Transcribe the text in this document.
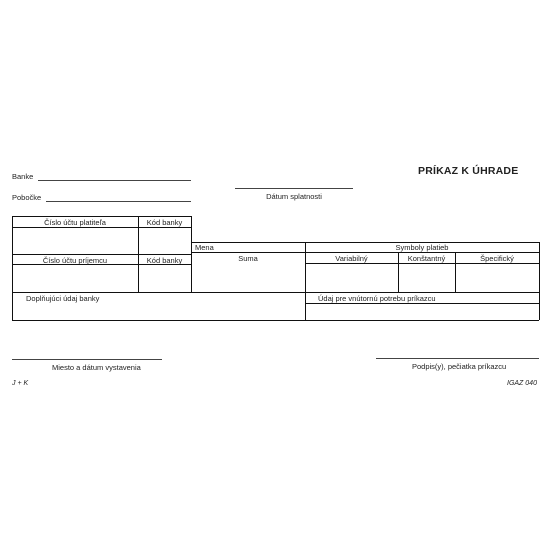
Banke
Pobočke
PRÍKAZ K ÚHRADE
Dátum splatnosti
Číslo účtu platiteľa	Kód banky
Číslo účtu príjemcu	Kód banky
Mena
Suma
Symboly platieb
Variabilný	Konštantný	Špecifický
Doplňujúci údaj banky	Údaj pre vnútornú potrebu príkazcu
Miesto a dátum vystavenia	Podpis(y), pečiatka príkazcu
J + K	IGAZ 040
